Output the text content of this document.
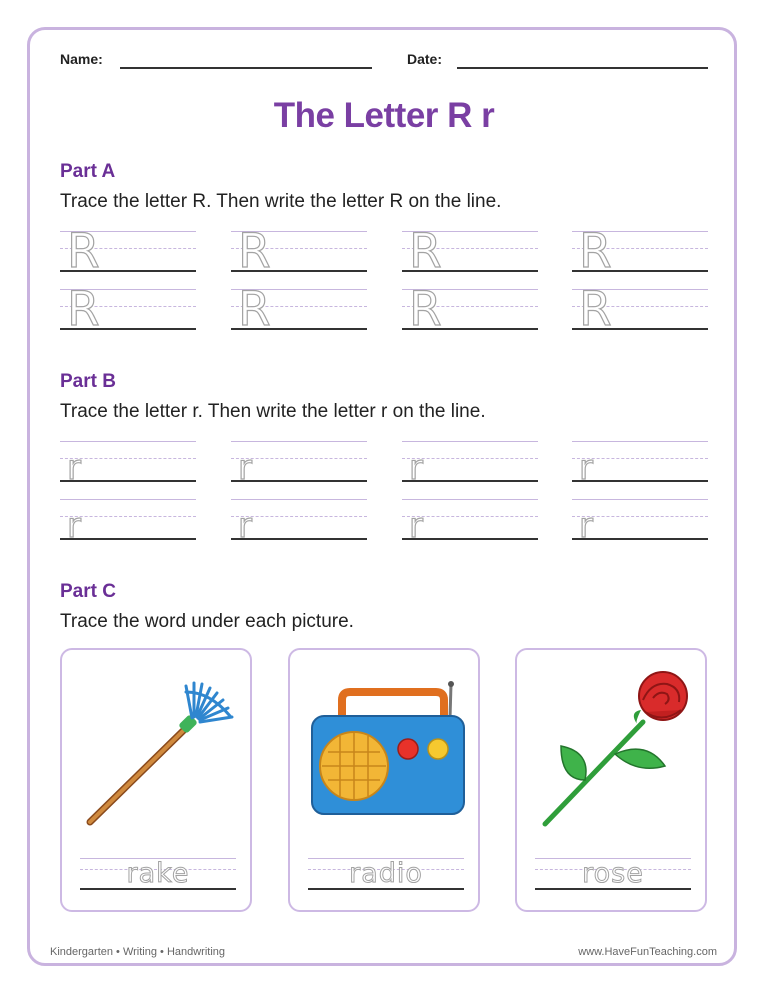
Name:	Date:
The Letter R r
Part A
Trace the letter R. Then write the letter R on the line.
R	R	R	R
R	R	R	R
Part B
Trace the letter r. Then write the letter r on the line.
r	r	r	r
r	r	r	r
Part C
Trace the word under each picture.
rake	radio	rose
Kindergarten • Writing • Handwriting	www.HaveFunTeaching.com
